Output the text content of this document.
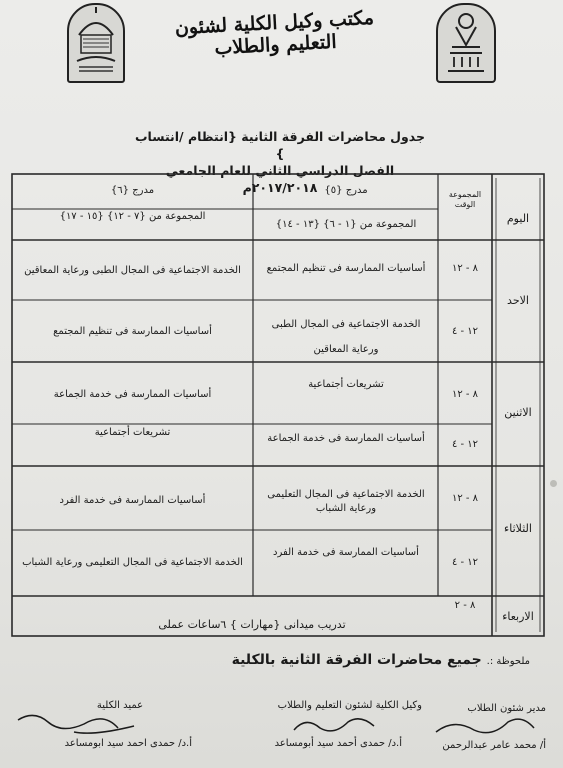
مكتب وكيل الكلية لشئون
التعليم والطلاب
جدول محاضرات الفرقة الثانية {انتظام /انتساب }
الفصل الدراسي الثاني للعام الجامعي ٢٠١٧/٢٠١٨م
اليوم
المجموعة الوقت
مدرج {٥}
المجموعة من {١ - ٦} {١٣ - ١٤}
مدرج {٦}
المجموعة من {٧ - ١٢} {١٥ - ١٧}
الاحد
٨ - ١٢
أساسيات الممارسة فى تنظيم المجتمع
الخدمة الاجتماعية فى المجال الطبى ورعاية المعاقين
١٢ - ٤
الخدمة الاجتماعية فى المجال الطبى
ورعاية المعاقين
أساسيات الممارسة فى تنظيم المجتمع
الاثنين
٨ - ١٢
تشريعات أجتماعية
أساسيات الممارسة فى خدمة الجماعة
١٢ - ٤
أساسيات الممارسة فى خدمة الجماعة
تشريعات أجتماعية
الثلاثاء
٨ - ١٢
الخدمة الاجتماعية فى المجال التعليمى
ورعاية الشباب
أساسيات الممارسة فى خدمة الفرد
١٢ - ٤
أساسيات الممارسة فى خدمة الفرد
الخدمة الاجتماعية فى المجال التعليمى ورعاية الشباب
الاربعاء
٨ - ٢
تدريب ميدانى {مهارات } ٦ساعات عملى
ملحوظة :. جميع محاضرات الفرقة الثانية بالكلية
عميد الكلية
أ.د/ حمدى احمد سيد ابومساعد
وكيل الكلية لشئون التعليم والطلاب
أ.د/ حمدى أحمد سيد أبومساعد
مدير شئون الطلاب
أ/ محمد عامر عبدالرحمن
